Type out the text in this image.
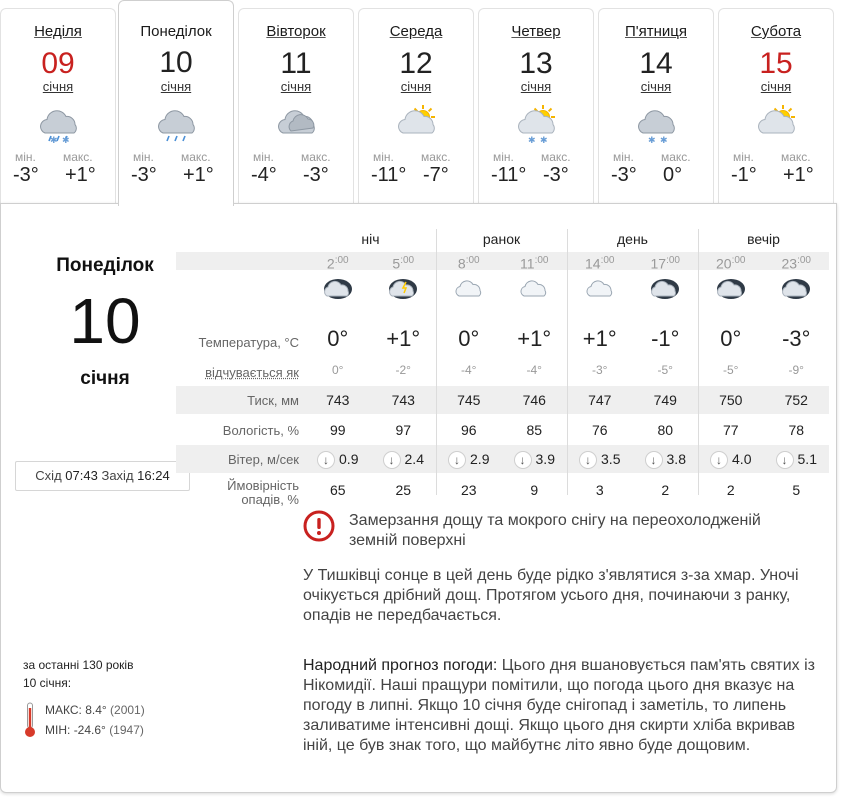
Неділя
09
січня
✱ ✱
мін. макс.
-3° +1°
Понеділок
10
січня
мін. макс.
-3° +1°
Вівторок
11
січня
мін. макс.
-4° -3°
Середа
12
січня
мін. макс.
-11° -7°
Четвер
13
січня
✱ ✱
мін. макс.
-11° -3°
П'ятниця
14
січня
✱ ✱
мін. макс.
-3° 0°
Субота
15
січня
мін. макс.
-1° +1°
Понеділок
10
січня
Схід 07:43 Захід 16:24
ніч	ранок	день	вечір
$2^{:00}$	$5^{:00}$	$8^{:00}$	$11^{:00}$	$14^{:00}$	$17^{:00}$	$20^{:00}$	$23^{:00}$
Температура, °C	0°	+1°	0°	+1°	+1°	-1°	0°	-3°
відчувається як	0°	-2°	-4°	-4°	-3°	-5°	-5°	-9°
Тиск, мм	743	743	745	746	747	749	750	752
Вологість, %	99	97	96	85	76	80	77	78
Вітер, м/сек	↓ 0.9	↓ 2.4	↓ 2.9	↓ 3.9	↓ 3.5	↓ 3.8	↓ 4.0	↓ 5.1
Ймовірність
опадів, %
65	25	23	9	3	2	2	5
Замерзання дощу та мокрого снігу на переохолодженій земній поверхні
У Тишківці сонце в цей день буде рідко з'являтися з-за хмар. Уночі очікується дрібний дощ. Протягом усього дня, починаючи з ранку, опадів не передбачається.
Народний прогноз погоди: Цього дня вшановується пам'ять святих із Нікомидії. Наші пращури помітили, що погода цього дня вказує на погоду в липні. Якщо 10 січня буде снігопад і заметіль, то липень заливатиме інтенсивні дощі. Якщо цього дня скирти хліба вкривав іній, це був знак того, що майбутнє літо явно буде дощовим.
за останні 130 років
10 січня:
МАКС: 8.4° (2001)
МІН: -24.6° (1947)
